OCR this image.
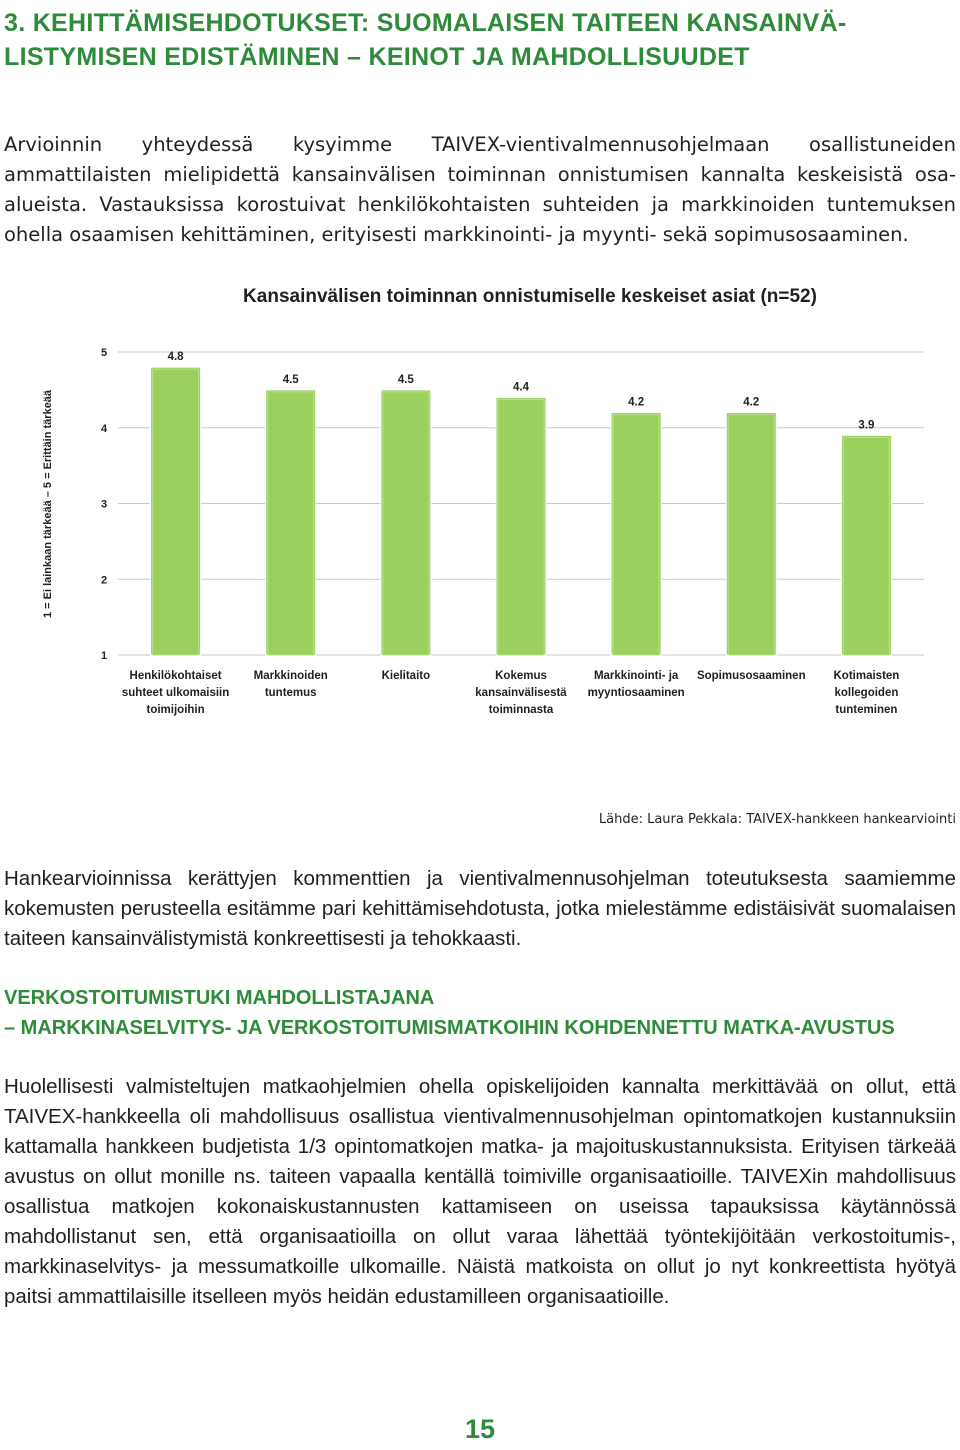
3. KEHITTÄMISEHDOTUKSET: SUOMALAISEN TAITEEN KANSAINVÄ-
LISTYMISEN EDISTÄMINEN – KEINOT JA MAHDOLLISUUDET
Arvioinnin yhteydessä kysyimme TAIVEX-vientivalmennusohjelmaan osallistuneiden ammattilaisten mielipidettä kansainvälisen toiminnan onnistumisen kannalta keskeisistä osa-alueista. Vastauksissa korostuivat henkilökohtaisten suhteiden ja markkinoiden tuntemuksen ohella osaamisen kehittäminen, erityisesti markkinointi- ja myynti- sekä sopimusosaaminen.
Kansainvälisen toiminnan onnistumiselle keskeiset asiat (n=52)
1
2
3
4
5
1 = Ei lainkaan tärkeää – 5 = Erittäin tärkeää
4.8
Henkilökohtaiset
suhteet ulkomaisiin
toimijoihin
4.5
Markkinoiden
tuntemus
4.5
Kielitaito
4.4
Kokemus
kansainvälisestä
toiminnasta
4.2
Markkinointi- ja
myyntiosaaminen
4.2
Sopimusosaaminen
3.9
Kotimaisten
kollegoiden
tunteminen
Lähde: Laura Pekkala: TAIVEX-hankkeen hankearviointi
Hankearvioinnissa kerättyjen kommenttien ja vientivalmennusohjelman toteutuksesta saamiemme kokemusten perusteella esitämme pari kehittämisehdotusta, jotka mielestämme edistäisivät suomalaisen taiteen kansainvälistymistä konkreettisesti ja tehokkaasti.
VERKOSTOITUMISTUKI MAHDOLLISTAJANA
– MARKKINASELVITYS- JA VERKOSTOITUMISMATKOIHIN KOHDENNETTU MATKA-AVUSTUS
Huolellisesti valmisteltujen matkaohjelmien ohella opiskelijoiden kannalta merkittävää on ollut, että TAIVEX-hankkeella oli mahdollisuus osallistua vientivalmennusohjelman opintomatkojen kustannuksiin kattamalla hankkeen budjetista 1/3 opintomatkojen matka- ja majoituskustannuksista. Erityisen tärkeää avustus on ollut monille ns. taiteen vapaalla kentällä toimiville organisaatioille. TAIVEXin mahdollisuus osallistua matkojen kokonaiskustannusten kattamiseen on useissa tapauksissa käytännössä mahdollistanut sen, että organisaatioilla on ollut varaa lähettää työntekijöitään verkostoitumis-, markkinaselvitys- ja messumatkoille ulkomaille. Näistä matkoista on ollut jo nyt konkreettista hyötyä paitsi ammattilaisille itselleen myös heidän edustamilleen organisaatioille.
15
